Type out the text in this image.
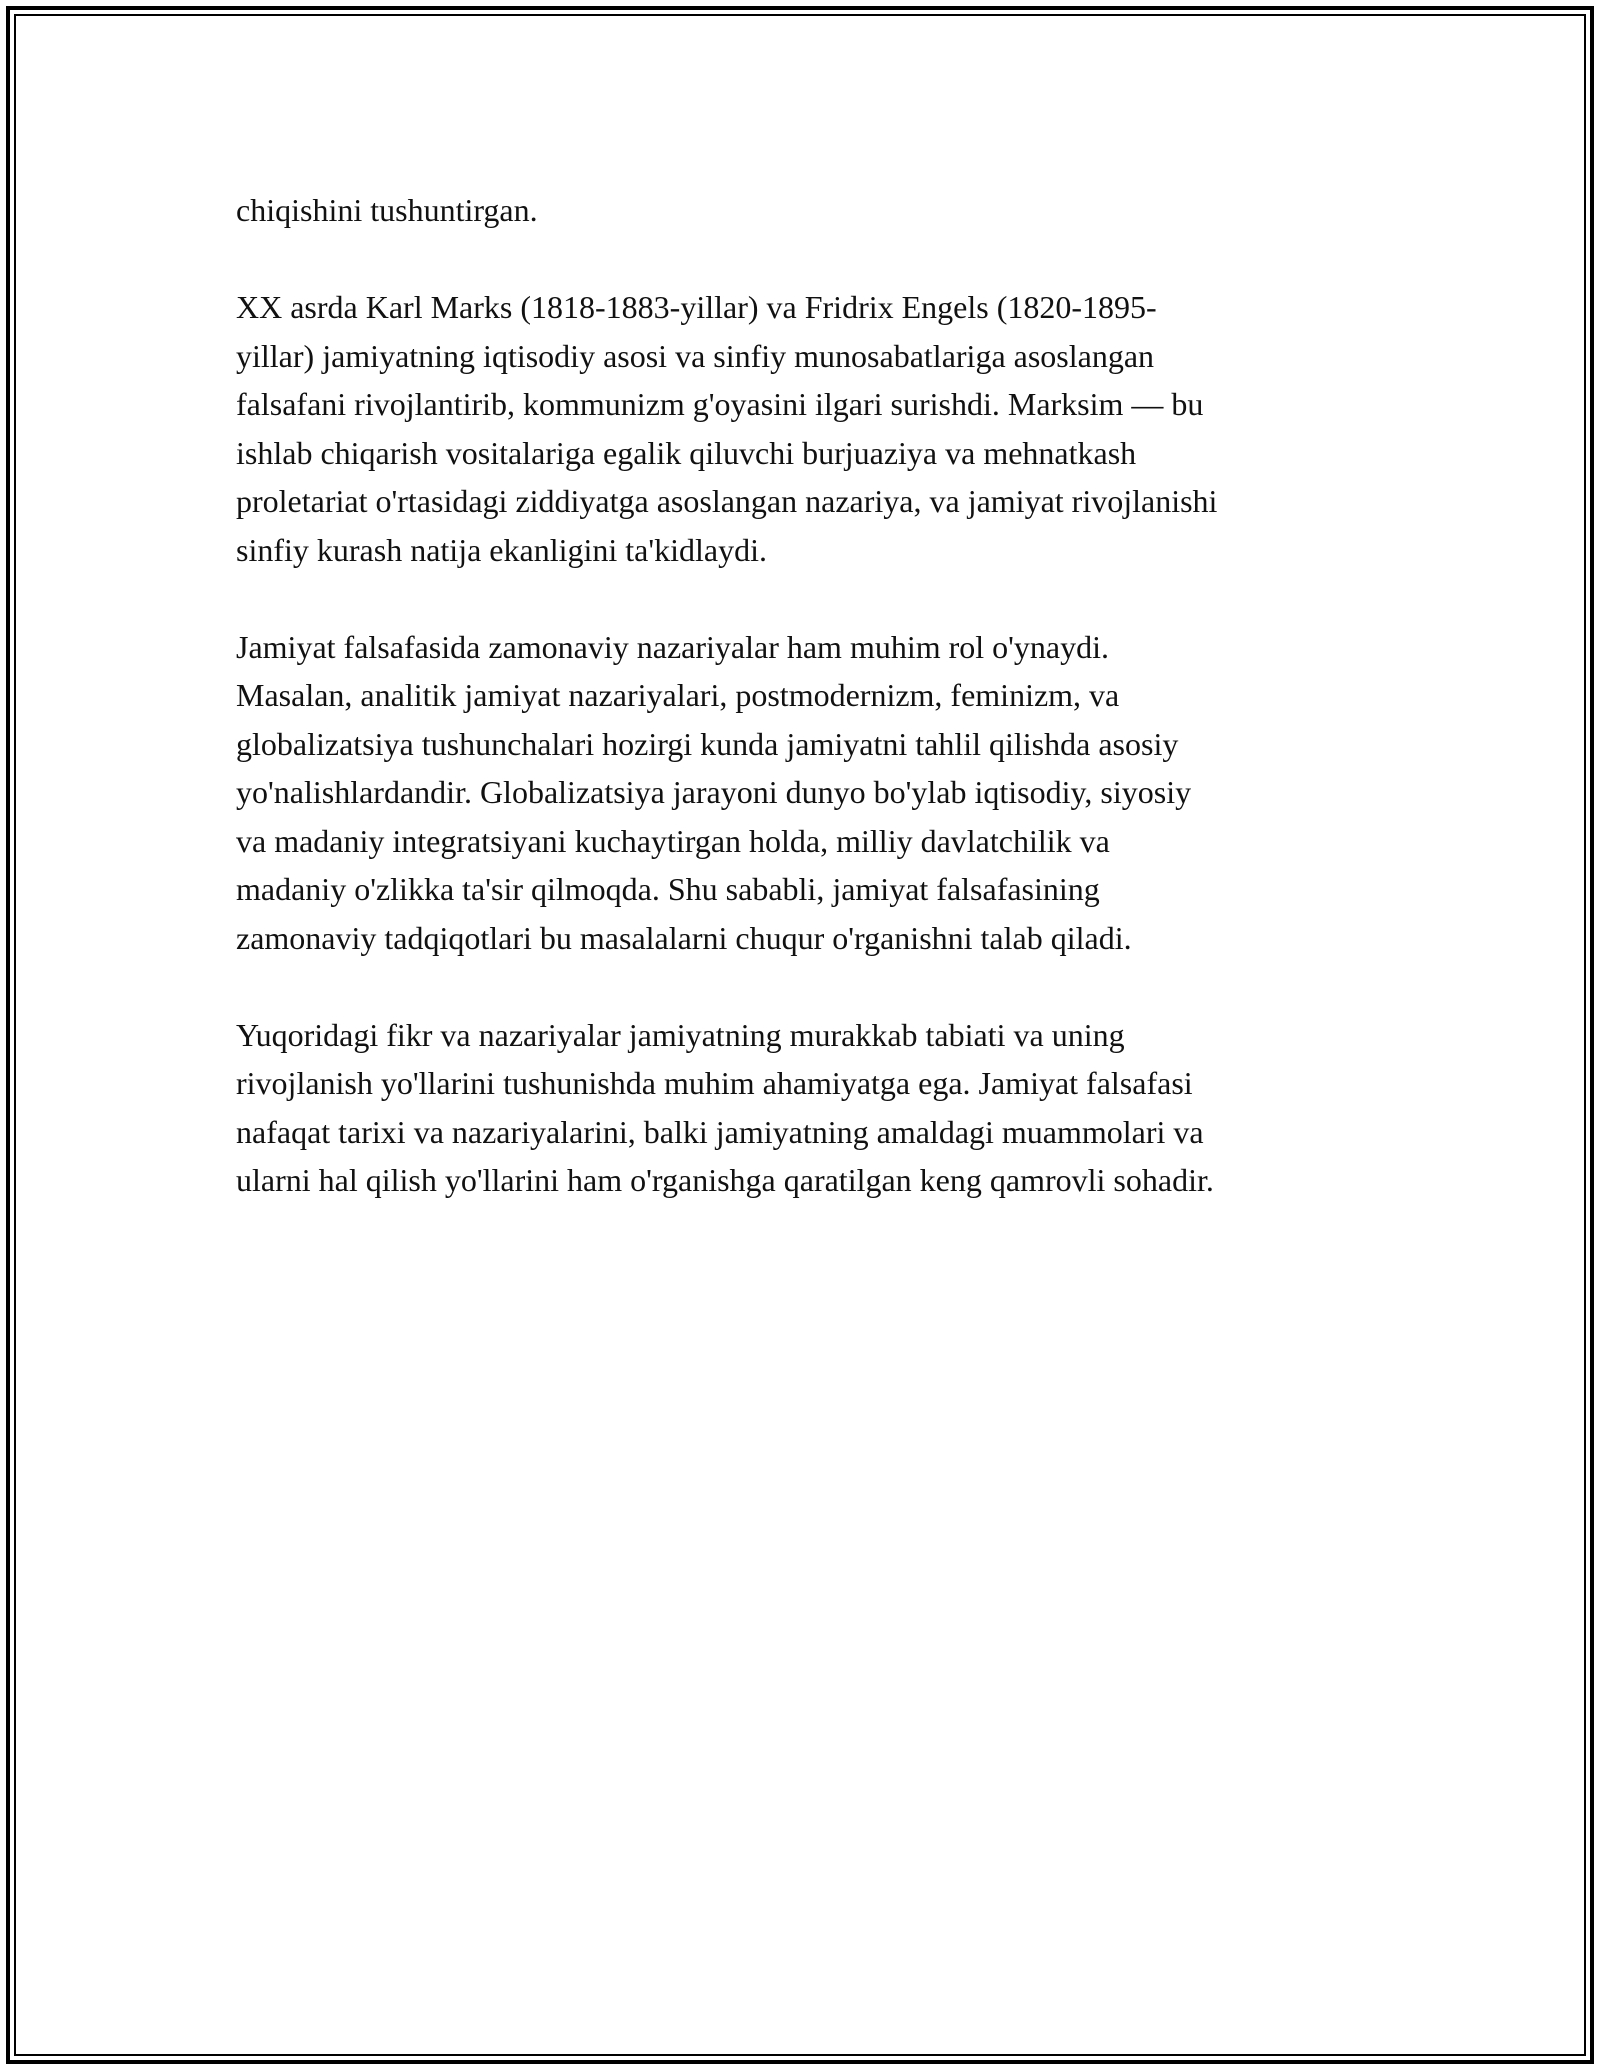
chiqishini tushuntirgan.

XX asrda Karl Marks (1818-1883-yillar) va Fridrix Engels (1820-1895-
yillar) jamiyatning iqtisodiy asosi va sinfiy munosabatlariga asoslangan
falsafani rivojlantirib, kommunizm g'oyasini ilgari surishdi. Marksim — bu
ishlab chiqarish vositalariga egalik qiluvchi burjuaziya va mehnatkash
proletariat o'rtasidagi ziddiyatga asoslangan nazariya, va jamiyat rivojlanishi
sinfiy kurash natija ekanligini ta'kidlaydi.

Jamiyat falsafasida zamonaviy nazariyalar ham muhim rol o'ynaydi.
Masalan, analitik jamiyat nazariyalari, postmodernizm, feminizm, va
globalizatsiya tushunchalari hozirgi kunda jamiyatni tahlil qilishda asosiy
yo'nalishlardandir. Globalizatsiya jarayoni dunyo bo'ylab iqtisodiy, siyosiy
va madaniy integratsiyani kuchaytirgan holda, milliy davlatchilik va
madaniy o'zlikka ta'sir qilmoqda. Shu sababli, jamiyat falsafasining
zamonaviy tadqiqotlari bu masalalarni chuqur o'rganishni talab qiladi.

Yuqoridagi fikr va nazariyalar jamiyatning murakkab tabiati va uning
rivojlanish yo'llarini tushunishda muhim ahamiyatga ega. Jamiyat falsafasi
nafaqat tarixi va nazariyalarini, balki jamiyatning amaldagi muammolari va
ularni hal qilish yo'llarini ham o'rganishga qaratilgan keng qamrovli sohadir.
